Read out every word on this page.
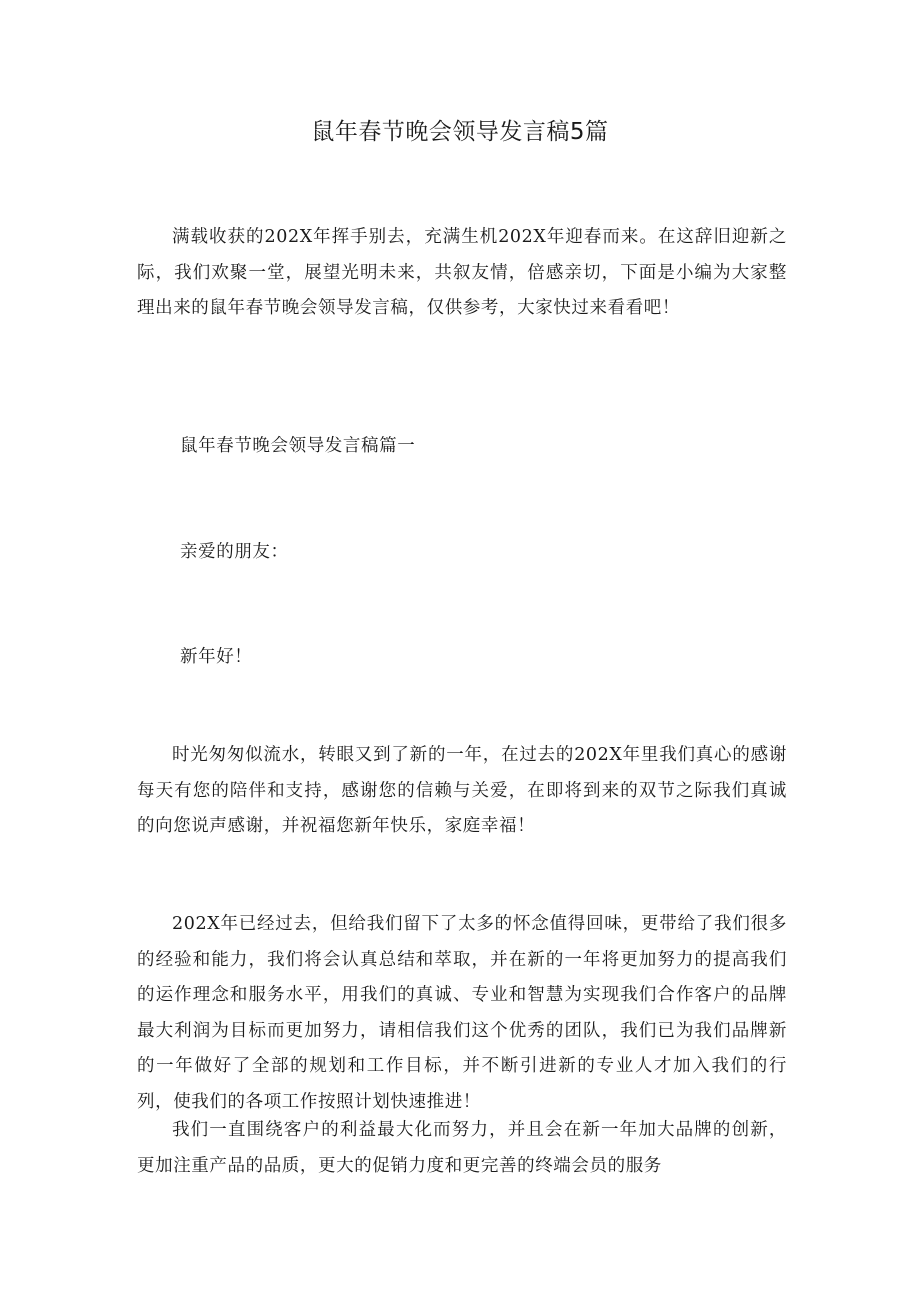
鼠年春节晚会领导发言稿5篇

满载收获的202X年挥手别去，充满生机202X年迎春而来。在这辞旧迎新之际，我们欢聚一堂，展望光明未来，共叙友情，倍感亲切，下面是小编为大家整理出来的鼠年春节晚会领导发言稿，仅供参考，大家快过来看看吧！

鼠年春节晚会领导发言稿篇一
亲爱的朋友：
新年好！

时光匆匆似流水，转眼又到了新的一年，在过去的202X年里我们真心的感谢每天有您的陪伴和支持，感谢您的信赖与关爱，在即将到来的双节之际我们真诚的向您说声感谢，并祝福您新年快乐，家庭幸福！

202X年已经过去，但给我们留下了太多的怀念值得回味，更带给了我们很多的经验和能力，我们将会认真总结和萃取，并在新的一年将更加努力的提高我们的运作理念和服务水平，用我们的真诚、专业和智慧为实现我们合作客户的品牌最大利润为目标而更加努力，请相信我们这个优秀的团队，我们已为我们品牌新的一年做好了全部的规划和工作目标，并不断引进新的专业人才加入我们的行列，使我们的各项工作按照计划快速推进！

我们一直围绕客户的利益最大化而努力，并且会在新一年加大品牌的创新，更加注重产品的品质，更大的促销力度和更完善的终端会员的服务
